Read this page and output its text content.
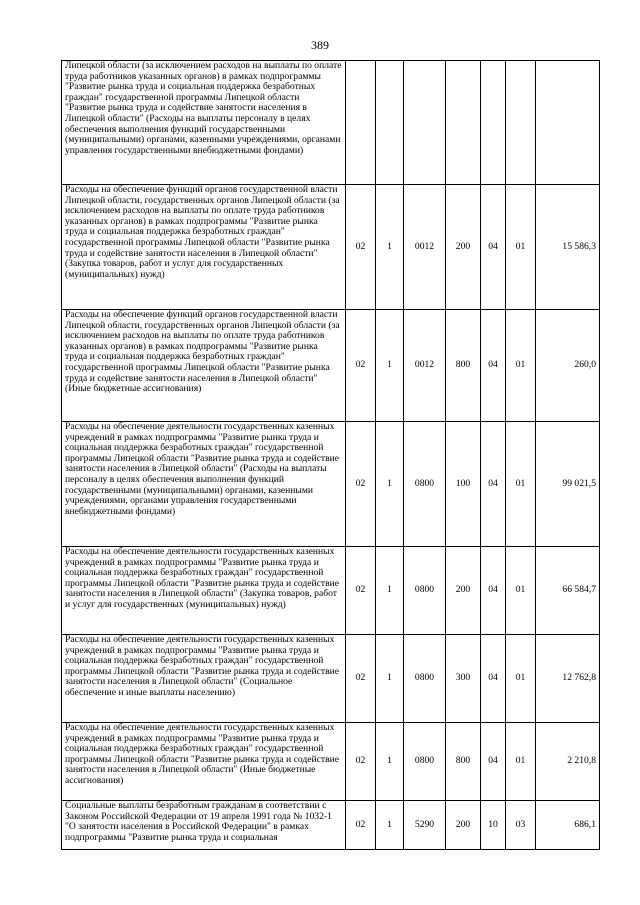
389
Липецкой области (за исключением расходов на выплаты по оплате труда работников указанных органов) в рамках подпрограммы "Развитие рынка труда и социальная поддержка безработных граждан" государственной программы Липецкой области "Развитие рынка труда и содействие занятости населения в Липецкой области" (Расходы на выплаты персоналу в целях обеспечения выполнения функций государственными (муниципальными) органами, казенными учреждениями, органами управления государственными внебюджетными фондами)							
Расходы на обеспечение функций органов государственной власти Липецкой области, государственных органов Липецкой области (за исключением расходов на выплаты по оплате труда работников указанных органов) в рамках подпрограммы "Развитие рынка труда и социальная поддержка безработных граждан" государственной программы Липецкой области "Развитие рынка труда и содействие занятости населения в Липецкой области" (Закупка товаров, работ и услуг для государственных (муниципальных) нужд)	02	1	0012	200	04	01	15 586,3
Расходы на обеспечение функций органов государственной власти Липецкой области, государственных органов Липецкой области (за исключением расходов на выплаты по оплате труда работников указанных органов) в рамках подпрограммы "Развитие рынка труда и социальная поддержка безработных граждан" государственной программы Липецкой области "Развитие рынка труда и содействие занятости населения в Липецкой области" (Иные бюджетные ассигнования)	02	1	0012	800	04	01	260,0
Расходы на обеспечение деятельности государственных казенных учреждений в рамках подпрограммы "Развитие рынка труда и социальная поддержка безработных граждан" государственной программы Липецкой области "Развитие рынка труда и содействие занятости населения в Липецкой области" (Расходы на выплаты персоналу в целях обеспечения выполнения функций государственными (муниципальными) органами, казенными учреждениями, органами управления государственными внебюджетными фондами)	02	1	0800	100	04	01	99 021,5
Расходы на обеспечение деятельности государственных казенных учреждений в рамках подпрограммы "Развитие рынка труда и социальная поддержка безработных граждан" государственной программы Липецкой области "Развитие рынка труда и содействие занятости населения в Липецкой области" (Закупка товаров, работ и услуг для государственных (муниципальных) нужд)	02	1	0800	200	04	01	66 584,7
Расходы на обеспечение деятельности государственных казенных учреждений в рамках подпрограммы "Развитие рынка труда и социальная поддержка безработных граждан" государственной программы Липецкой области "Развитие рынка труда и содействие занятости населения в Липецкой области" (Социальное обеспечение и иные выплаты населению)	02	1	0800	300	04	01	12 762,8
Расходы на обеспечение деятельности государственных казенных учреждений в рамках подпрограммы "Развитие рынка труда и социальная поддержка безработных граждан" государственной программы Липецкой области "Развитие рынка труда и содействие занятости населения в Липецкой области" (Иные бюджетные ассигнования)	02	1	0800	800	04	01	2 210,8
Социальные выплаты безработным гражданам в соответствии с Законом Российской Федерации от 19 апреля 1991 года № 1032-1 "О занятости населения в Российской Федерации" в рамках подпрограммы "Развитие рынка труда и социальная	02	1	5290	200	10	03	686,1
